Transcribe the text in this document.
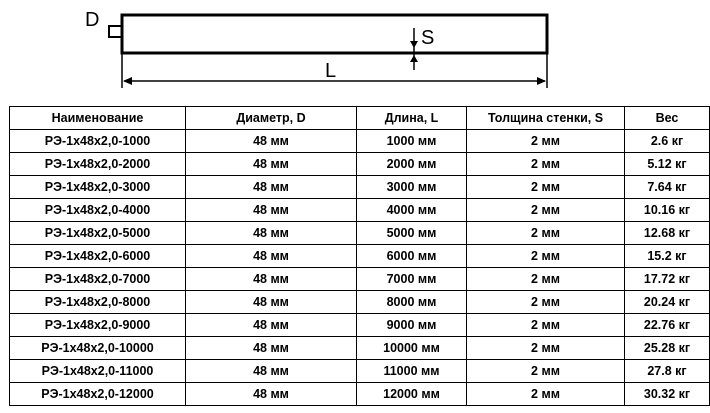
D
S
L
Наименование	Диаметр, D	Длина, L	Толщина стенки, S	Вес
РЭ-1х48х2,0-1000	48 мм	1000 мм	2 мм	2.6 кг
РЭ-1х48х2,0-2000	48 мм	2000 мм	2 мм	5.12 кг
РЭ-1х48х2,0-3000	48 мм	3000 мм	2 мм	7.64 кг
РЭ-1х48х2,0-4000	48 мм	4000 мм	2 мм	10.16 кг
РЭ-1х48х2,0-5000	48 мм	5000 мм	2 мм	12.68 кг
РЭ-1х48х2,0-6000	48 мм	6000 мм	2 мм	15.2 кг
РЭ-1х48х2,0-7000	48 мм	7000 мм	2 мм	17.72 кг
РЭ-1х48х2,0-8000	48 мм	8000 мм	2 мм	20.24 кг
РЭ-1х48х2,0-9000	48 мм	9000 мм	2 мм	22.76 кг
РЭ-1х48х2,0-10000	48 мм	10000 мм	2 мм	25.28 кг
РЭ-1х48х2,0-11000	48 мм	11000 мм	2 мм	27.8 кг
РЭ-1х48х2,0-12000	48 мм	12000 мм	2 мм	30.32 кг
